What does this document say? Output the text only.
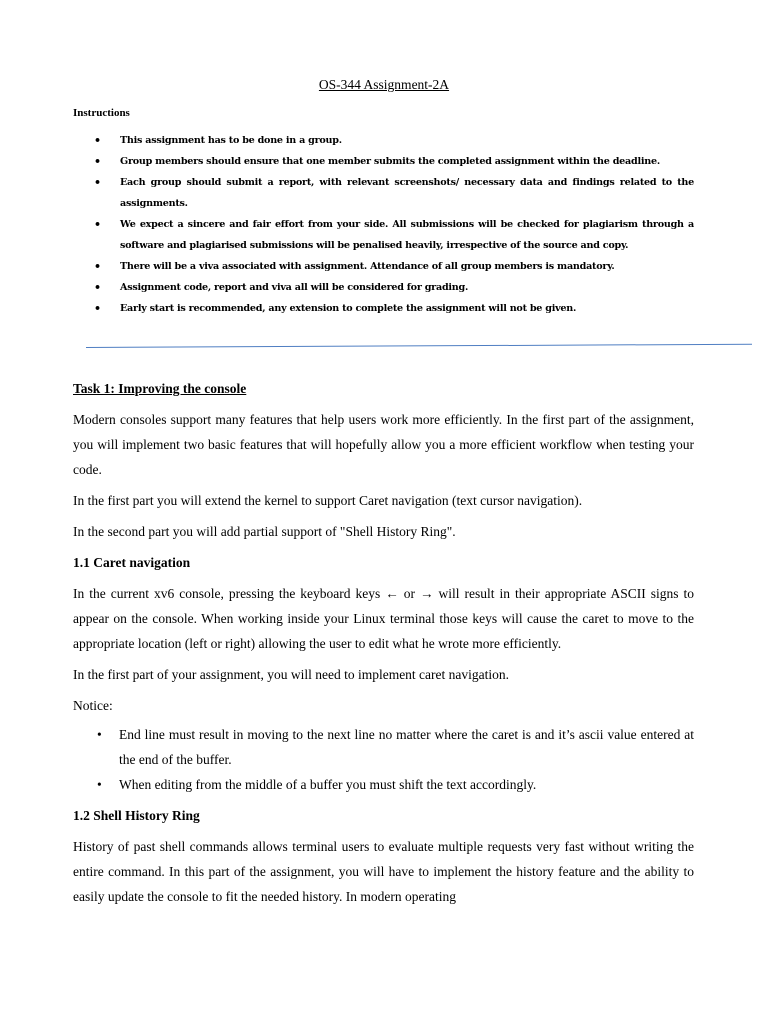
OS-344 Assignment-2A
Instructions
• This assignment has to be done in a group.
• Group members should ensure that one member submits the completed assignment within the deadline.
• Each group should submit a report, with relevant screenshots/ necessary data and findings related to the assignments.
• We expect a sincere and fair effort from your side. All submissions will be checked for plagiarism through a software and plagiarised submissions will be penalised heavily, irrespective of the source and copy.
• There will be a viva associated with assignment. Attendance of all group members is mandatory.
• Assignment code, report and viva all will be considered for grading.
• Early start is recommended, any extension to complete the assignment will not be given.
Task 1: Improving the console

Modern consoles support many features that help users work more efficiently. In the first part of the assignment, you will implement two basic features that will hopefully allow you a more efficient workflow when testing your code.

In the first part you will extend the kernel to support Caret navigation (text cursor navigation).

In the second part you will add partial support of "Shell History Ring".

1.1 Caret navigation

In the current xv6 console, pressing the keyboard keys ← or → will result in their appropriate ASCII signs to appear on the console. When working inside your Linux terminal those keys will cause the caret to move to the appropriate location (left or right) allowing the user to edit what he wrote more efficiently.

In the first part of your assignment, you will need to implement caret navigation.

Notice:

• End line must result in moving to the next line no matter where the caret is and it’s ascii value entered at the end of the buffer.
• When editing from the middle of a buffer you must shift the text accordingly.
1.2 Shell History Ring

History of past shell commands allows terminal users to evaluate multiple requests very fast without writing the entire command. In this part of the assignment, you will have to implement the history feature and the ability to easily update the console to fit the needed history. In modern operating
